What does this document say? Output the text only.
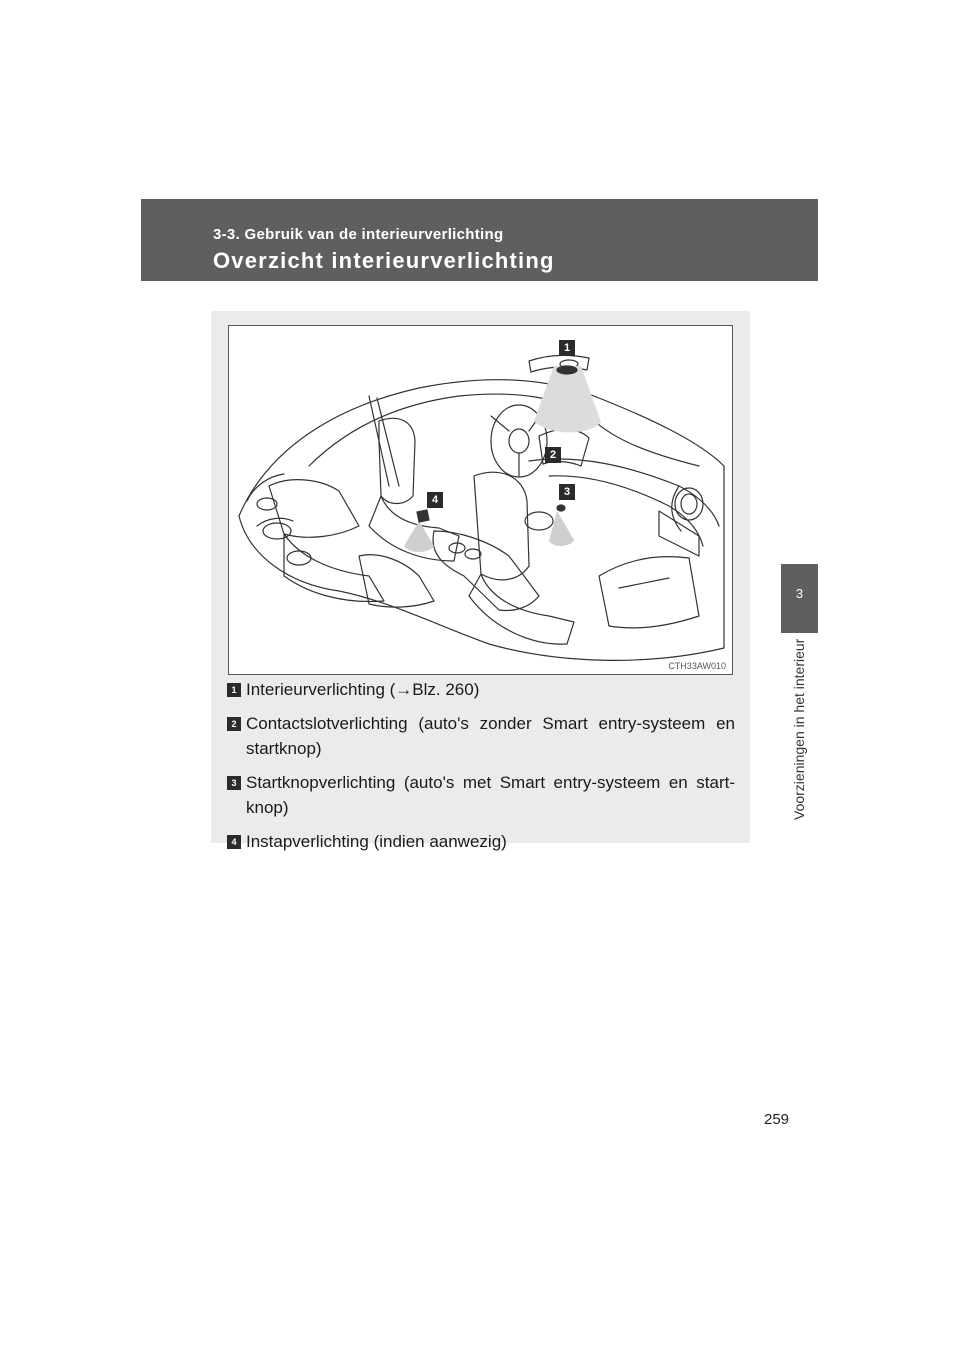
3-3. Gebruik van de interieurverlichting
Overzicht interieurverlichting
3
Voorzieningen in het interieur
1
2
3
4
CTH33AW010
1 Interieurverlichting (→Blz. 260)
2 Contactslotverlichting (auto's zonder Smart entry-systeem en startknop)
3 Startknopverlichting (auto's met Smart entry-systeem en start-knop)
4 Instapverlichting (indien aanwezig)
259
